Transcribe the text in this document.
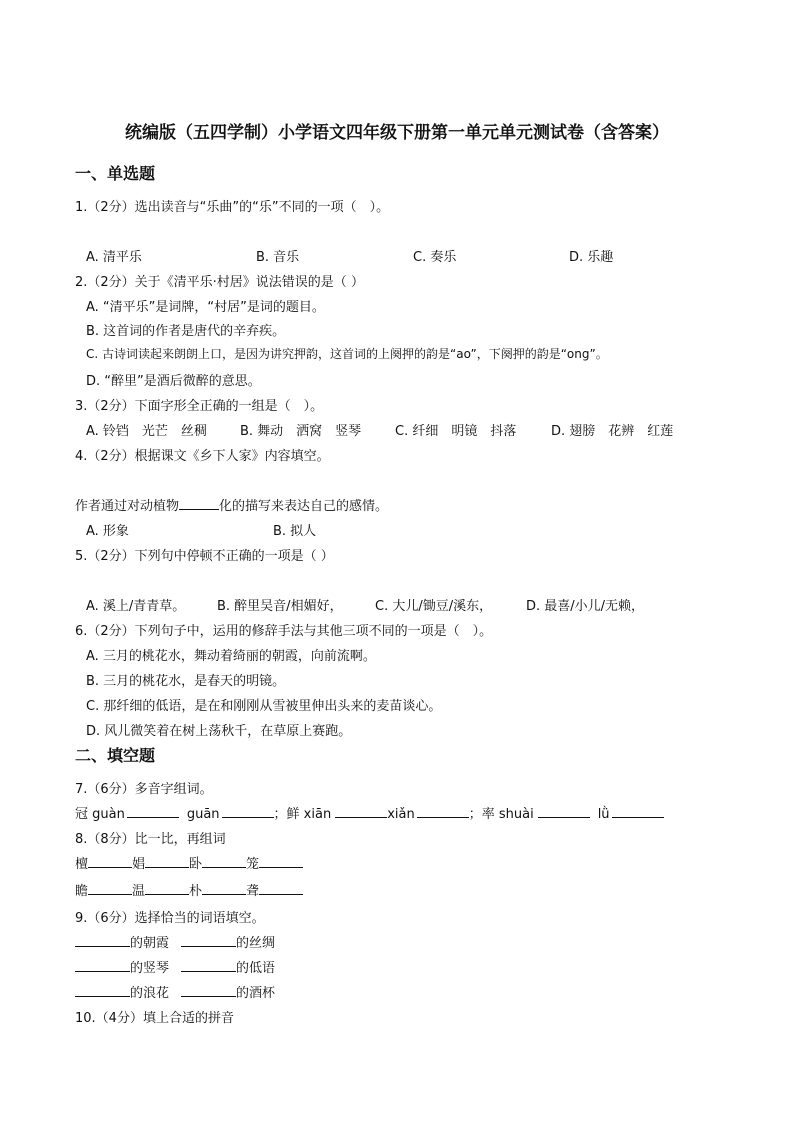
统编版（五四学制）小学语文四年级下册第一单元单元测试卷（含答案）
一、单选题
1.（2分）选出读音与“乐曲”的“乐”不同的一项（　）。
A. 清平乐	B. 音乐	C. 奏乐	D. 乐趣
2.（2分）关于《清平乐·村居》说法错误的是（ ）
A. “清平乐”是词牌，“村居”是词的题目。
B. 这首词的作者是唐代的辛弃疾。
C. 古诗词读起来朗朗上口，是因为讲究押韵，这首词的上阕押的韵是“ao”，下阕押的韵是“ong”。
D. “醉里”是酒后微醉的意思。
3.（2分）下面字形全正确的一组是（　）。
A. 铃铛　光芒　丝稠	B. 舞动　洒窝　竖琴	C. 纤细　明镜　抖落	D. 翅膀　花辨　红莲
4.（2分）根据课文《乡下人家》内容填空。
作者通过对动植物	化的描写来表达自己的感情。
A. 形象	B. 拟人
5.（2分）下列句中停顿不正确的一项是（ ）
A. 溪上/青青草。 B. 醉里吴音/相媚好， C. 大儿/锄豆/溪东，	D. 最喜/小儿/无赖，
6.（2分）下列句子中，运用的修辞手法与其他三项不同的一项是（　）。
A. 三月的桃花水，舞动着绮丽的朝霞，向前流啊。
B. 三月的桃花水，是春天的明镜。
C. 那纤细的低语，是在和刚刚从雪被里伸出头来的麦苗谈心。
D. 风儿微笑着在树上荡秋千，在草原上赛跑。
二、填空题
7.（6分）多音字组词。
冠 guàn	guān	；鲜 xiān	xiǎn	；率 shuài	lǜ
8.（8分）比一比，再组词
檀	娼	卧	笼
瞻	温	朴	聋
9.（6分）选择恰当的词语填空。
的朝霞	的丝绸
的竖琴	的低语
的浪花	的酒杯
10.（4分）填上合适的拼音
